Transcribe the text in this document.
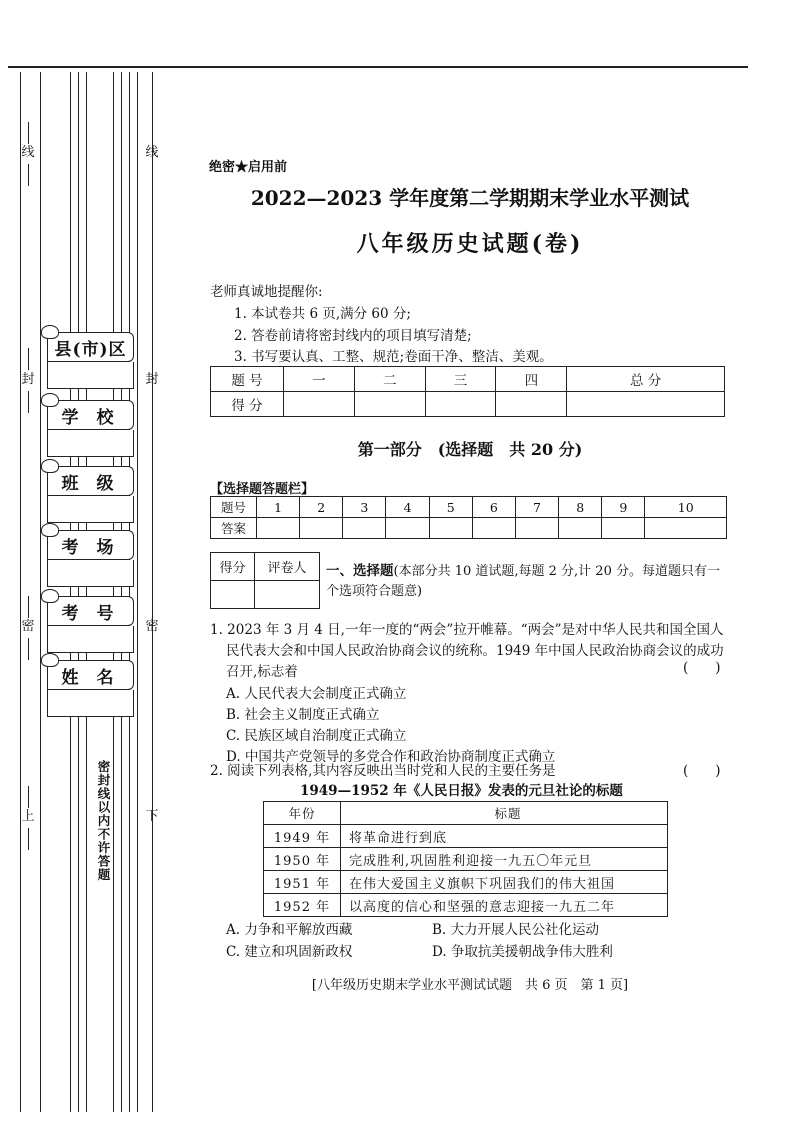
线
封
密
上
线
封
密
下
县(市)区
学 校
班 级
考 场
考 号
姓 名
密封线以内不许答题
绝密★启用前
2022—2023 学年度第二学期期末学业水平测试
八年级历史试题(卷)
老师真诚地提醒你:
1. 本试卷共 6 页,满分 60 分;
2. 答卷前请将密封线内的项目填写清楚;
3. 书写要认真、工整、规范;卷面干净、整洁、美观。
题 号	一	二	三	四	总 分
得 分					
第一部分　(选择题　共 20 分)
【选择题答题栏】
题号	1	2	3	4	5	6	7	8	9	10
答案										
得分	评卷人
	一、选择题(本部分共 10 道试题,每题 2 分,计 20 分。每道题只有一个选项符合题意)
1. 2023 年 3 月 4 日,一年一度的“两会”拉开帷幕。“两会”是对中华人民共和国全国人
民代表大会和中国人民政治协商会议的统称。1949 年中国人民政治协商会议的成功
召开,标志着	(　　)
A. 人民代表大会制度正式确立
B. 社会主义制度正式确立
C. 民族区域自治制度正式确立
D. 中国共产党领导的多党合作和政治协商制度正式确立
2. 阅读下列表格,其内容反映出当时党和人民的主要任务是	(　　)
1949—1952 年《人民日报》发表的元旦社论的标题
年份	标题
1949 年	将革命进行到底
1950 年	完成胜利,巩固胜利迎接一九五〇年元旦
1951 年	在伟大爱国主义旗帜下巩固我们的伟大祖国
1952 年	以高度的信心和坚强的意志迎接一九五二年
A. 力争和平解放西藏	B. 大力开展人民公社化运动
C. 建立和巩固新政权	D. 争取抗美援朝战争伟大胜利
[八年级历史期末学业水平测试试题　共 6 页　第 1 页]
